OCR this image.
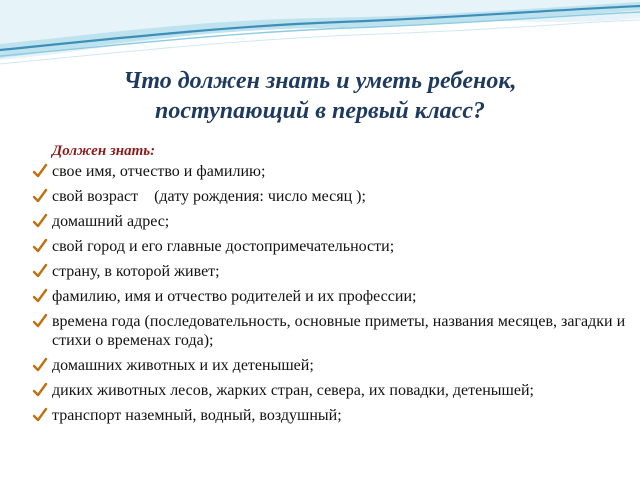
Что должен знать и уметь ребенок,
поступающий в первый класс?
Должен знать:
свое имя, отчество и фамилию;
свой возраст    (дату рождения: число месяц );
домашний адрес;
свой город и его главные достопримечательности;
страну, в которой живет;
фамилию, имя и отчество родителей и их профессии;
времена года (последовательность, основные приметы, названия месяцев, загадки и стихи о временах года);
домашних животных и их детенышей;
диких животных лесов, жарких стран, севера, их повадки, детенышей;
транспорт наземный, водный, воздушный;
